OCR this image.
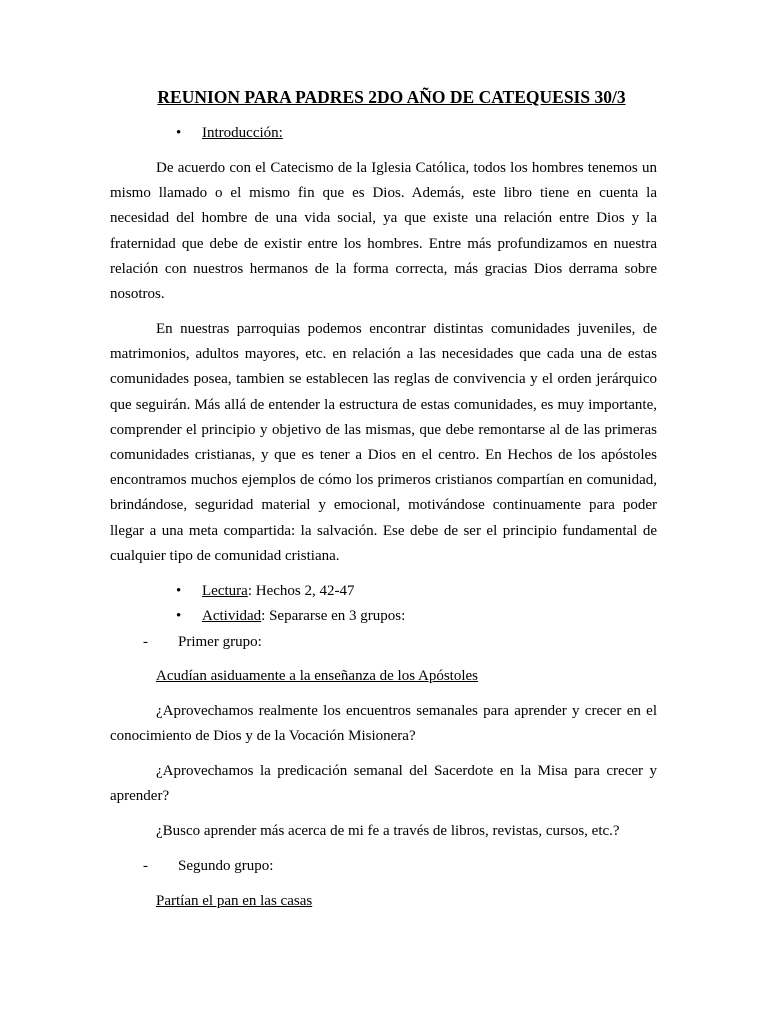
REUNION PARA PADRES 2DO AÑO DE CATEQUESIS 30/3
•	Introducción:
De acuerdo con el Catecismo de la Iglesia Católica, todos los hombres tenemos un mismo llamado o el mismo fin que es Dios. Además, este libro tiene en cuenta la necesidad del hombre de una vida social, ya que existe una relación entre Dios y la fraternidad que debe de existir entre los hombres. Entre más profundizamos en nuestra relación con nuestros hermanos de la forma correcta, más gracias Dios derrama sobre nosotros.
En nuestras parroquias podemos encontrar distintas comunidades juveniles, de matrimonios, adultos mayores, etc. en relación a las necesidades que cada una de estas comunidades posea, tambien se establecen las reglas de convivencia y el orden jerárquico que seguirán. Más allá de entender la estructura de estas comunidades, es muy importante, comprender el principio y objetivo de las mismas, que debe remontarse al de las primeras comunidades cristianas, y que es tener a Dios en el centro. En Hechos de los apóstoles encontramos muchos ejemplos de cómo los primeros cristianos compartían en comunidad, brindándose, seguridad material y emocional, motivándose continuamente para poder llegar a una meta compartida: la salvación. Ese debe de ser el principio fundamental de cualquier tipo de comunidad cristiana.
•	Lectura: Hechos 2, 42-47
•	Actividad: Separarse en 3 grupos:
- Primer grupo:
Acudían asiduamente a la enseñanza de los Apóstoles
¿Aprovechamos realmente los encuentros semanales para aprender y crecer en el conocimiento de Dios y de la Vocación Misionera?
¿Aprovechamos la predicación semanal del Sacerdote en la Misa para crecer y aprender?
¿Busco aprender más acerca de mi fe a través de libros, revistas, cursos, etc.?
- Segundo grupo:
Partían el pan en las casas
